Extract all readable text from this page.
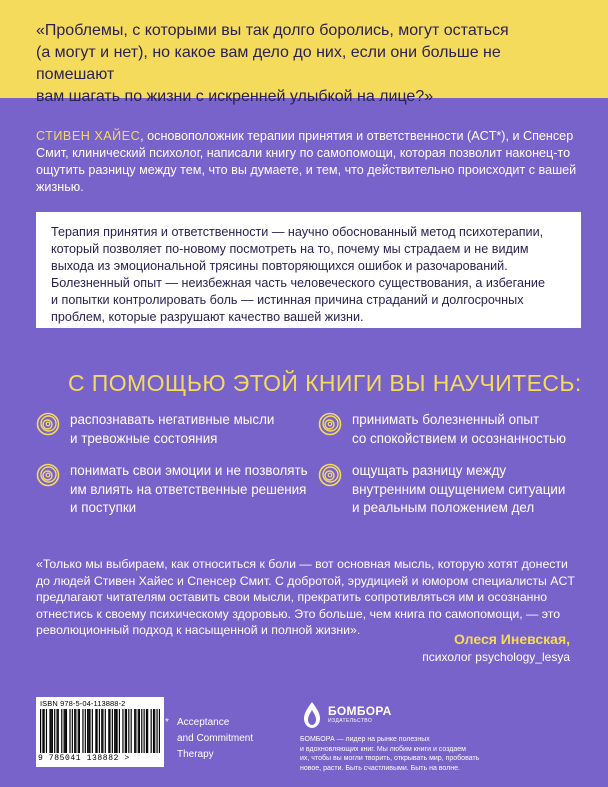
«Проблемы, с которыми вы так долго боролись, могут остаться
(а могут и нет), но какое вам дело до них, если они больше не помешают
вам шагать по жизни с искренней улыбкой на лице?»
СТИВЕН ХАЙЕС, основоположник терапии принятия и ответственности (ACT*), и Спенсер
Смит, клинический психолог, написали книгу по самопомощи, которая позволит наконец-то
ощутить разницу между тем, что вы думаете, и тем, что действительно происходит с вашей
жизнью.
Терапия принятия и ответственности — научно обоснованный метод психотерапии,
который позволяет по-новому посмотреть на то, почему мы страдаем и не видим
выхода из эмоциональной трясины повторяющихся ошибок и разочарований.
Болезненный опыт — неизбежная часть человеческого существования, а избегание
и попытки контролировать боль — истинная причина страданий и долгосрочных
проблем, которые разрушают качество вашей жизни.
С ПОМОЩЬЮ ЭТОЙ КНИГИ ВЫ НАУЧИТЕСЬ:
распознавать негативные мысли
и тревожные состояния
принимать болезненный опыт
со спокойствием и осознанностью
понимать свои эмоции и не позволять
им влиять на ответственные решения
и поступки
ощущать разницу между
внутренним ощущением ситуации
и реальным положением дел
«Только мы выбираем, как относиться к боли — вот основная мысль, которую хотят донести
до людей Стивен Хайес и Спенсер Смит. С добротой, эрудицией и юмором специалисты ACT
предлагают читателям оставить свои мысли, прекратить сопротивляться им и осознанно
отнестись к своему психическому здоровью. Это больше, чем книга по самопомощи, — это
революционный подход к насыщенной и полной жизни».
Олеся Иневская,
психолог psychology_lesya
ISBN 978-5-04-113888-2
9 785041 138882 >
* Acceptance
and Commitment
Therapy
БОМБОРА
ИЗДАТЕЛЬСТВО
БОМБОРА — лидер на рынке полезных
и вдохновляющих книг. Мы любим книги и создаем
их, чтобы вы могли творить, открывать мир, пробовать
новое, расти. Быть счастливыми. Быть на волне.
